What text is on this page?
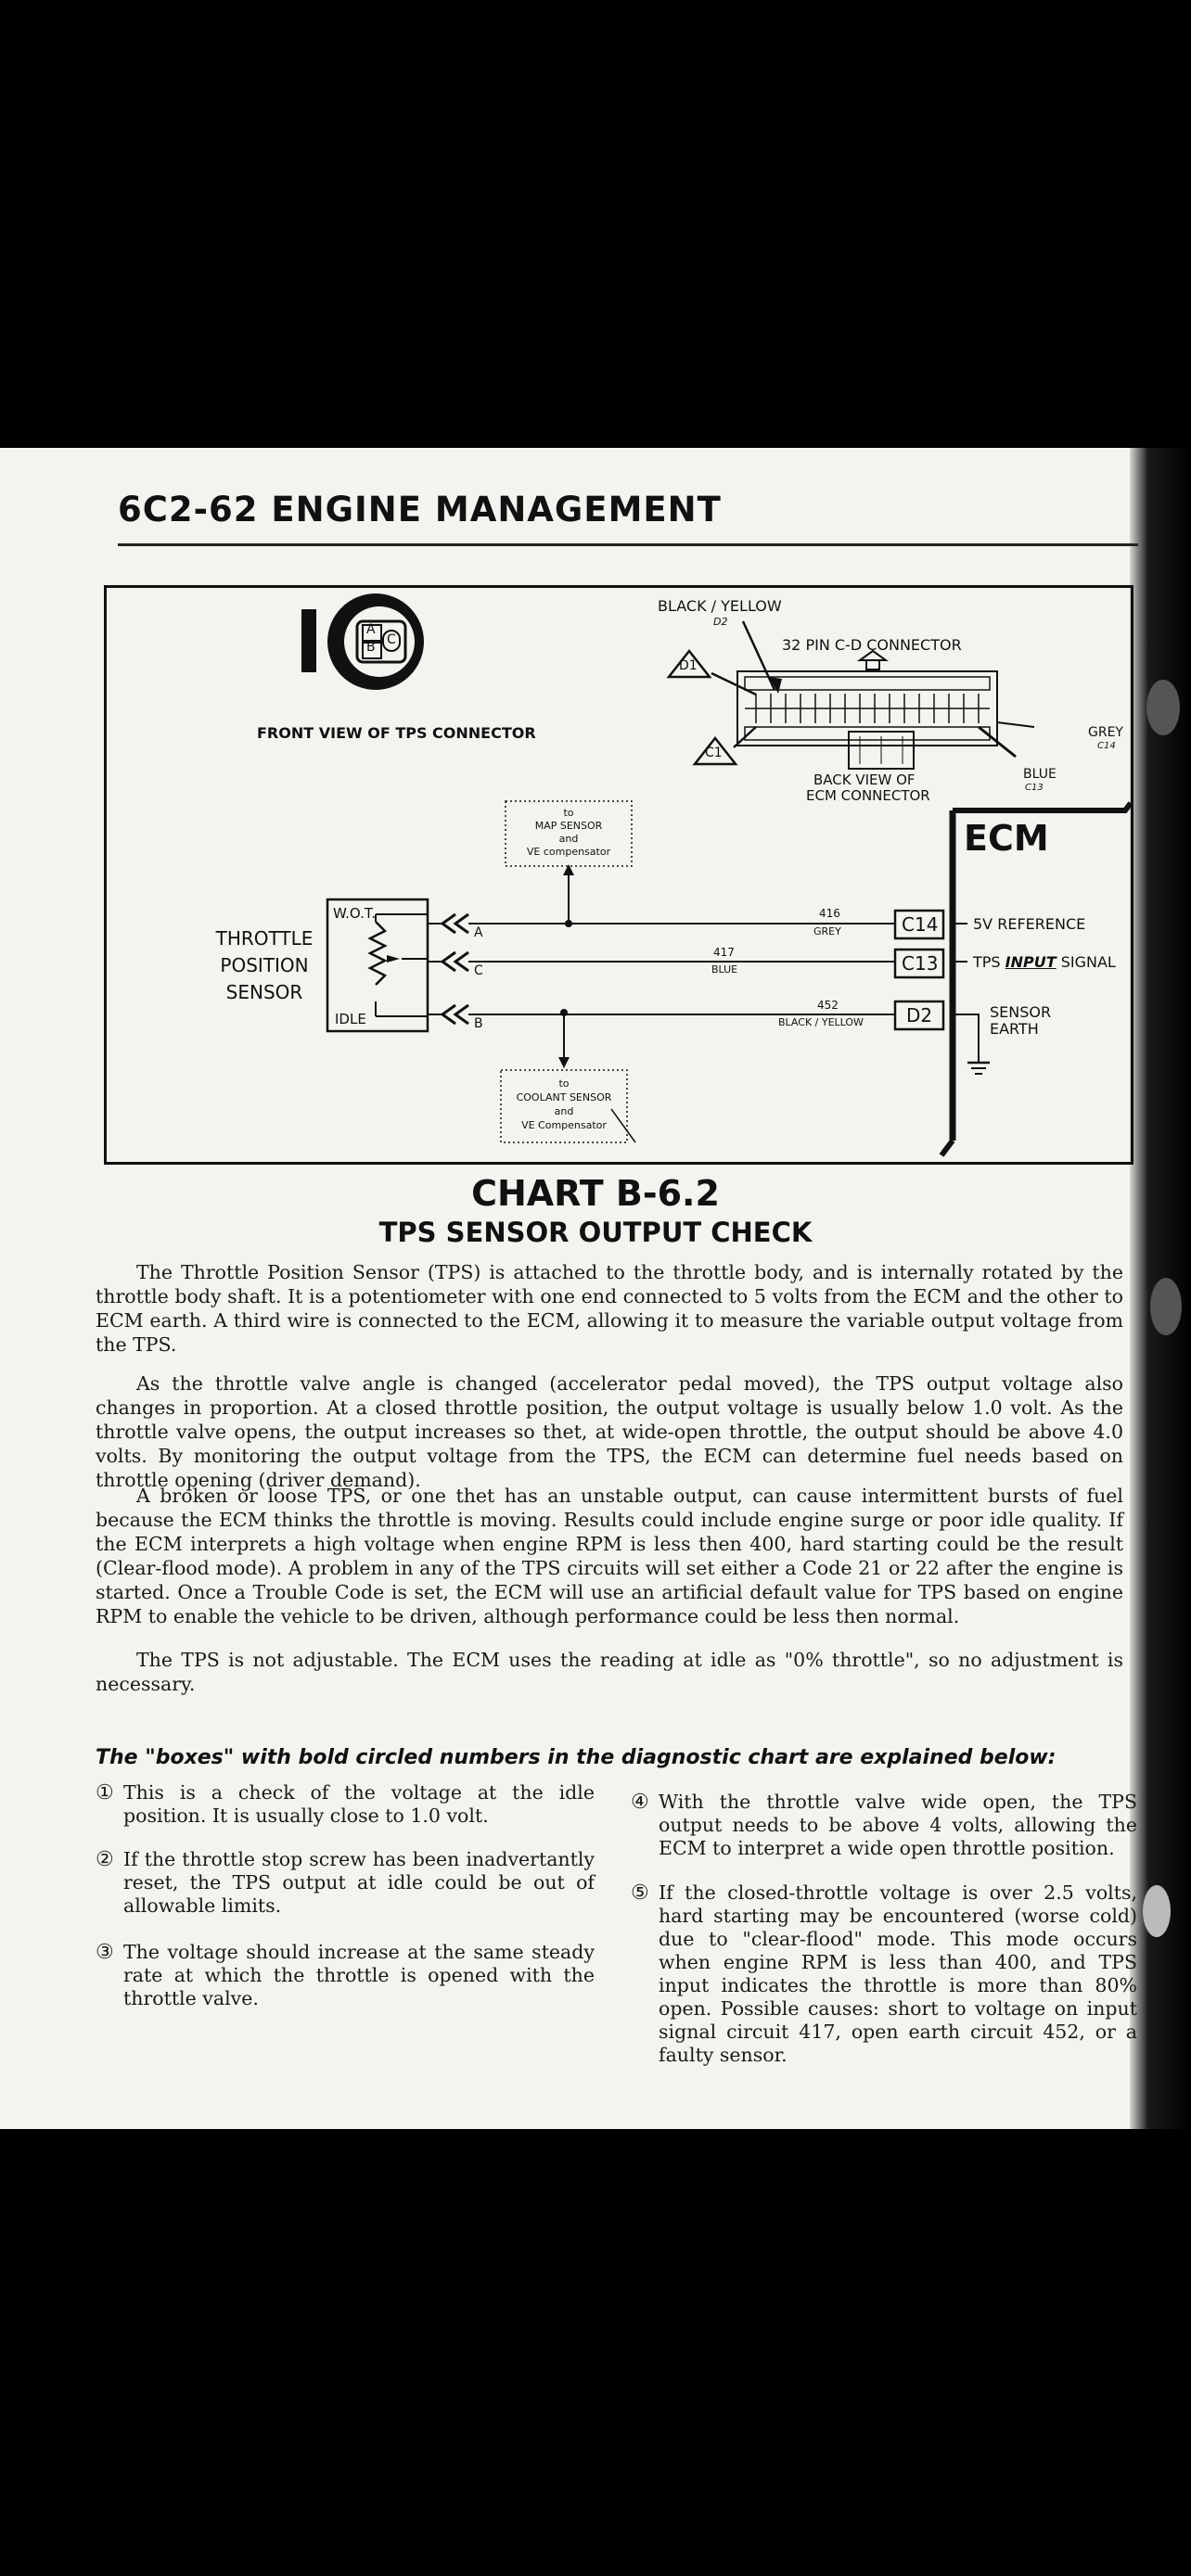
6C2-62 ENGINE MANAGEMENT
A
B C
FRONT VIEW OF TPS CONNECTOR
BLACK / YELLOW
D2
32 PIN C-D CONNECTOR
D1
C1
BACK VIEW OF
ECM CONNECTOR
GREY
C14
BLUE
C13
to
MAP SENSOR
and
VE compensator	ECM
THROTTLE
POSITION
SENSOR
W.O.T.
IDLE
A
C
B
416
GREY
417
BLUE
452
BLACK / YELLOW
C14
C13
D2
5V REFERENCE
TPS INPUT SIGNAL
SENSOR
EARTH
to
COOLANT SENSOR
and
VE Compensator
CHART B-6.2
TPS SENSOR OUTPUT CHECK
The Throttle Position Sensor (TPS) is attached to the throttle body, and is internally rotated by the throttle body shaft. It is a potentiometer with one end connected to 5 volts from the ECM and the other to ECM earth. A third wire is connected to the ECM, allowing it to measure the variable output voltage from the TPS.
As the throttle valve angle is changed (accelerator pedal moved), the TPS output voltage also changes in proportion. At a closed throttle position, the output voltage is usually below 1.0 volt. As the throttle valve opens, the output increases so thet, at wide-open throttle, the output should be above 4.0 volts. By monitoring the output voltage from the TPS, the ECM can determine fuel needs based on throttle opening (driver demand).
A broken or loose TPS, or one thet has an unstable output, can cause intermittent bursts of fuel because the ECM thinks the throttle is moving. Results could include engine surge or poor idle quality. If the ECM interprets a high voltage when engine RPM is less then 400, hard starting could be the result (Clear-flood mode). A problem in any of the TPS circuits will set either a Code 21 or 22 after the engine is started. Once a Trouble Code is set, the ECM will use an artificial default value for TPS based on engine RPM to enable the vehicle to be driven, although performance could be less then normal.
The TPS is not adjustable. The ECM uses the reading at idle as "0% throttle", so no adjustment is necessary.
The "boxes" with bold circled numbers in the diagnostic chart are explained below:
① This is a check of the voltage at the idle position. It is usually close to 1.0 volt.
② If the throttle stop screw has been inadvertantly reset, the TPS output at idle could be out of allowable limits.
③ The voltage should increase at the same steady rate at which the throttle is opened with the throttle valve.
④ With the throttle valve wide open, the TPS output needs to be above 4 volts, allowing the ECM to interpret a wide open throttle position.
⑤ If the closed-throttle voltage is over 2.5 volts, hard starting may be encountered (worse cold) due to "clear-flood" mode. This mode occurs when engine RPM is less than 400, and TPS input indicates the throttle is more than 80% open. Possible causes: short to voltage on input signal circuit 417, open earth circuit 452, or a faulty sensor.
